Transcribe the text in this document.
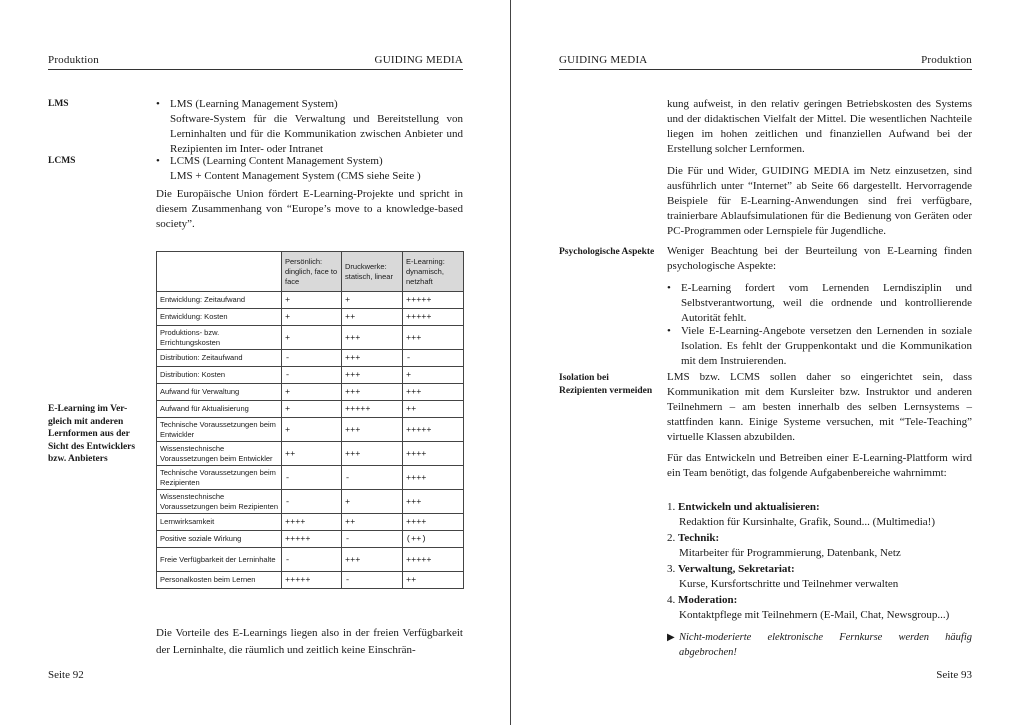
Produktion	GUIDING MEDIA
LMS
LCMS
• LMS (Learning Management System)
Software-System für die Verwaltung und Bereitstellung von Lerninhalten und für die Kommunikation zwischen Anbieter und Rezipienten im Inter- oder Intranet
• LCMS (Learning Content Management System)
LMS + Content Management System (CMS siehe Seite )

Die Europäische Union fördert E-Learning-Projekte und spricht in diesem Zusammenhang von “Europe’s move to a knowledge-based society”.

E-Learning im Ver-gleich mit anderen Lernformen aus der Sicht des Entwicklers bzw. Anbieters
	Persönlich: dinglich, face to face	Druckwerke: statisch, linear	E-Learning: dynamisch, netzhaft
Entwicklung: Zeitaufwand	+	+	+++++
Entwicklung: Kosten	+	++	+++++
Produktions- bzw. Errichtungskosten	+	+++	+++
Distribution: Zeitaufwand	-	+++	-
Distribution: Kosten	-	+++	+
Aufwand für Verwaltung	+	+++	+++
Aufwand für Aktualisierung	+	+++++	++
Technische Voraussetzungen beim Entwickler	+	+++	+++++
Wissenstechnische Voraussetzungen beim Entwickler	++	+++	++++
Technische Voraussetzungen beim Rezipienten	-	-	++++
Wissenstechnische Voraussetzungen beim Rezipienten	-	+	+++
Lernwirksamkeit	++++	++	++++
Positive soziale Wirkung	+++++	-	(++)
Freie Verfügbarkeit der Lerninhalte	-	+++	+++++
Personalkosten beim Lernen	+++++	-	++

Die Vorteile des E-Learnings liegen also in der freien Verfügbarkeit der Lerninhalte, die räumlich und zeitlich keine Einschrän-

Seite 92
GUIDING MEDIA	Produktion

kung aufweist, in den relativ geringen Betriebskosten des Systems und der didaktischen Vielfalt der Mittel. Die wesentlichen Nachteile liegen im hohen zeitlichen und finanziellen Aufwand bei der Erstellung solcher Lernformen.

Die Für und Wider, GUIDING MEDIA im Netz einzusetzen, sind ausführlich unter “Internet” ab Seite 66 dargestellt. Hervorragende Beispiele für E-Learning-Anwendungen sind frei verfügbare, trainierbare Ablaufsimulationen für die Bedienung von Geräten oder PC-Programmen oder Lernspiele für Jugendliche.

Psychologische Aspekte Weniger Beachtung bei der Beurteilung von E-Learning finden psychologische Aspekte:

• E-Learning fordert vom Lernenden Lerndisziplin und Selbstverantwortung, weil die ordnende und kontrollierende Autorität fehlt.
• Viele E-Learning-Angebote versetzen den Lernenden in soziale Isolation. Es fehlt der Gruppenkontakt und die Kommunikation mit dem Instruierenden.
Isolation bei Rezipienten vermeiden

LMS bzw. LCMS sollen daher so eingerichtet sein, dass Kommunikation mit dem Kursleiter bzw. Instruktor und anderen Teilnehmern – am besten innerhalb des selben Lernsystems – stattfinden kann. Einige Systeme versuchen, mit “Tele-Teaching” virtuelle Klassen abzubilden.

Für das Entwickeln und Betreiben einer E-Learning-Plattform wird ein Team benötigt, das folgende Aufgabenbereiche wahrnimmt:

1. Entwickeln und aktualisieren:
Redaktion für Kursinhalte, Grafik, Sound... (Multimedia!)
2. Technik:
Mitarbeiter für Programmierung, Datenbank, Netz
3. Verwaltung, Sekretariat:
Kurse, Kursfortschritte und Teilnehmer verwalten
4. Moderation:
Kontaktpflege mit Teilnehmern (E-Mail, Chat, Newsgroup...)
▶ Nicht-moderierte elektronische Fernkurse werden häufig abgebrochen!

Seite 93
